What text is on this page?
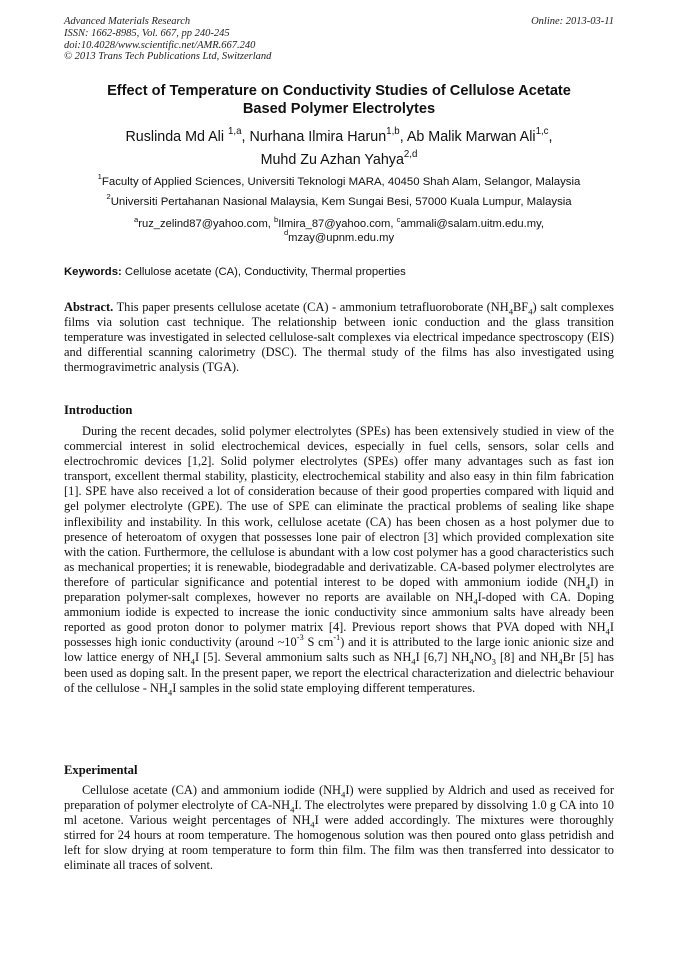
Advanced Materials Research
ISSN: 1662-8985, Vol. 667, pp 240-245
doi:10.4028/www.scientific.net/AMR.667.240
© 2013 Trans Tech Publications Ltd, Switzerland
Online: 2013-03-11
Effect of Temperature on Conductivity Studies of Cellulose Acetate
Based Polymer Electrolytes
Ruslinda Md Ali $^{1,a}$, Nurhana Ilmira Harun$^{1,b}$, Ab Malik Marwan Ali$^{1,c}$,
Muhd Zu Azhan Yahya$^{2,d}$
$^1$Faculty of Applied Sciences, Universiti Teknologi MARA, 40450 Shah Alam, Selangor, Malaysia
$^2$Universiti Pertahanan Nasional Malaysia, Kem Sungai Besi, 57000 Kuala Lumpur, Malaysia
$^a$ruz_zelind87@yahoo.com, $^b$Ilmira_87@yahoo.com, $^c$ammali@salam.uitm.edu.my,
$^d$mzay@upnm.edu.my
Keywords: Cellulose acetate (CA), Conductivity, Thermal properties

Abstract. This paper presents cellulose acetate (CA) - ammonium tetrafluoroborate $(NH_4BF_4)$ salt complexes films via solution cast technique. The relationship between ionic conduction and the glass transition temperature was investigated in selected cellulose-salt complexes via electrical impedance spectroscopy (EIS) and differential scanning calorimetry (DSC). The thermal study of the films has also investigated using thermogravimetric analysis (TGA).

Introduction

During the recent decades, solid polymer electrolytes (SPEs) has been extensively studied in view of the commercial interest in solid electrochemical devices, especially in fuel cells, sensors, solar cells and electrochromic devices [1,2]. Solid polymer electrolytes (SPEs) offer many advantages such as fast ion transport, excellent thermal stability, plasticity, electrochemical stability and also easy in thin film fabrication [1]. SPE have also received a lot of consideration because of their good properties compared with liquid and gel polymer electrolyte (GPE). The use of SPE can eliminate the practical problems of sealing like shape inflexibility and instability. In this work, cellulose acetate (CA) has been chosen as a host polymer due to presence of heteroatom of oxygen that possesses lone pair of electron [3] which provided complexation site with the cation. Furthermore, the cellulose is abundant with a low cost polymer has a good characteristics such as mechanical properties; it is renewable, biodegradable and derivatizable. CA-based polymer electrolytes are therefore of particular significance and potential interest to be doped with ammonium iodide $(NH_4I)$ in preparation polymer-salt complexes, however no reports are available on $NH_4I$-doped with CA. Doping ammonium iodide is expected to increase the ionic conductivity since ammonium salts have already been reported as good proton donor to polymer matrix [4]. Previous report shows that PVA doped with $NH_4I$ possesses high ionic conductivity (around $\sim 10^{-3}$ S $cm^{-1}$) and it is attributed to the large ionic anionic size and low lattice energy of $NH_4I$ [5]. Several ammonium salts such as $NH_4I$ [6,7] $NH_4NO_3$ [8] and $NH_4Br$ [5] has been used as doping salt. In the present paper, we report the electrical characterization and dielectric behaviour of the cellulose - $NH_4I$ samples in the solid state employing different temperatures.

Experimental

Cellulose acetate (CA) and ammonium iodide $(NH_4I)$ were supplied by Aldrich and used as received for preparation of polymer electrolyte of $CA-NH_4I$. The electrolytes were prepared by dissolving 1.0 g CA into 10 ml acetone. Various weight percentages of $NH_4I$ were added accordingly. The mixtures were thoroughly stirred for 24 hours at room temperature. The homogenous solution was then poured onto glass petridish and left for slow drying at room temperature to form thin film. The film was then transferred into dessicator to eliminate all traces of solvent.
